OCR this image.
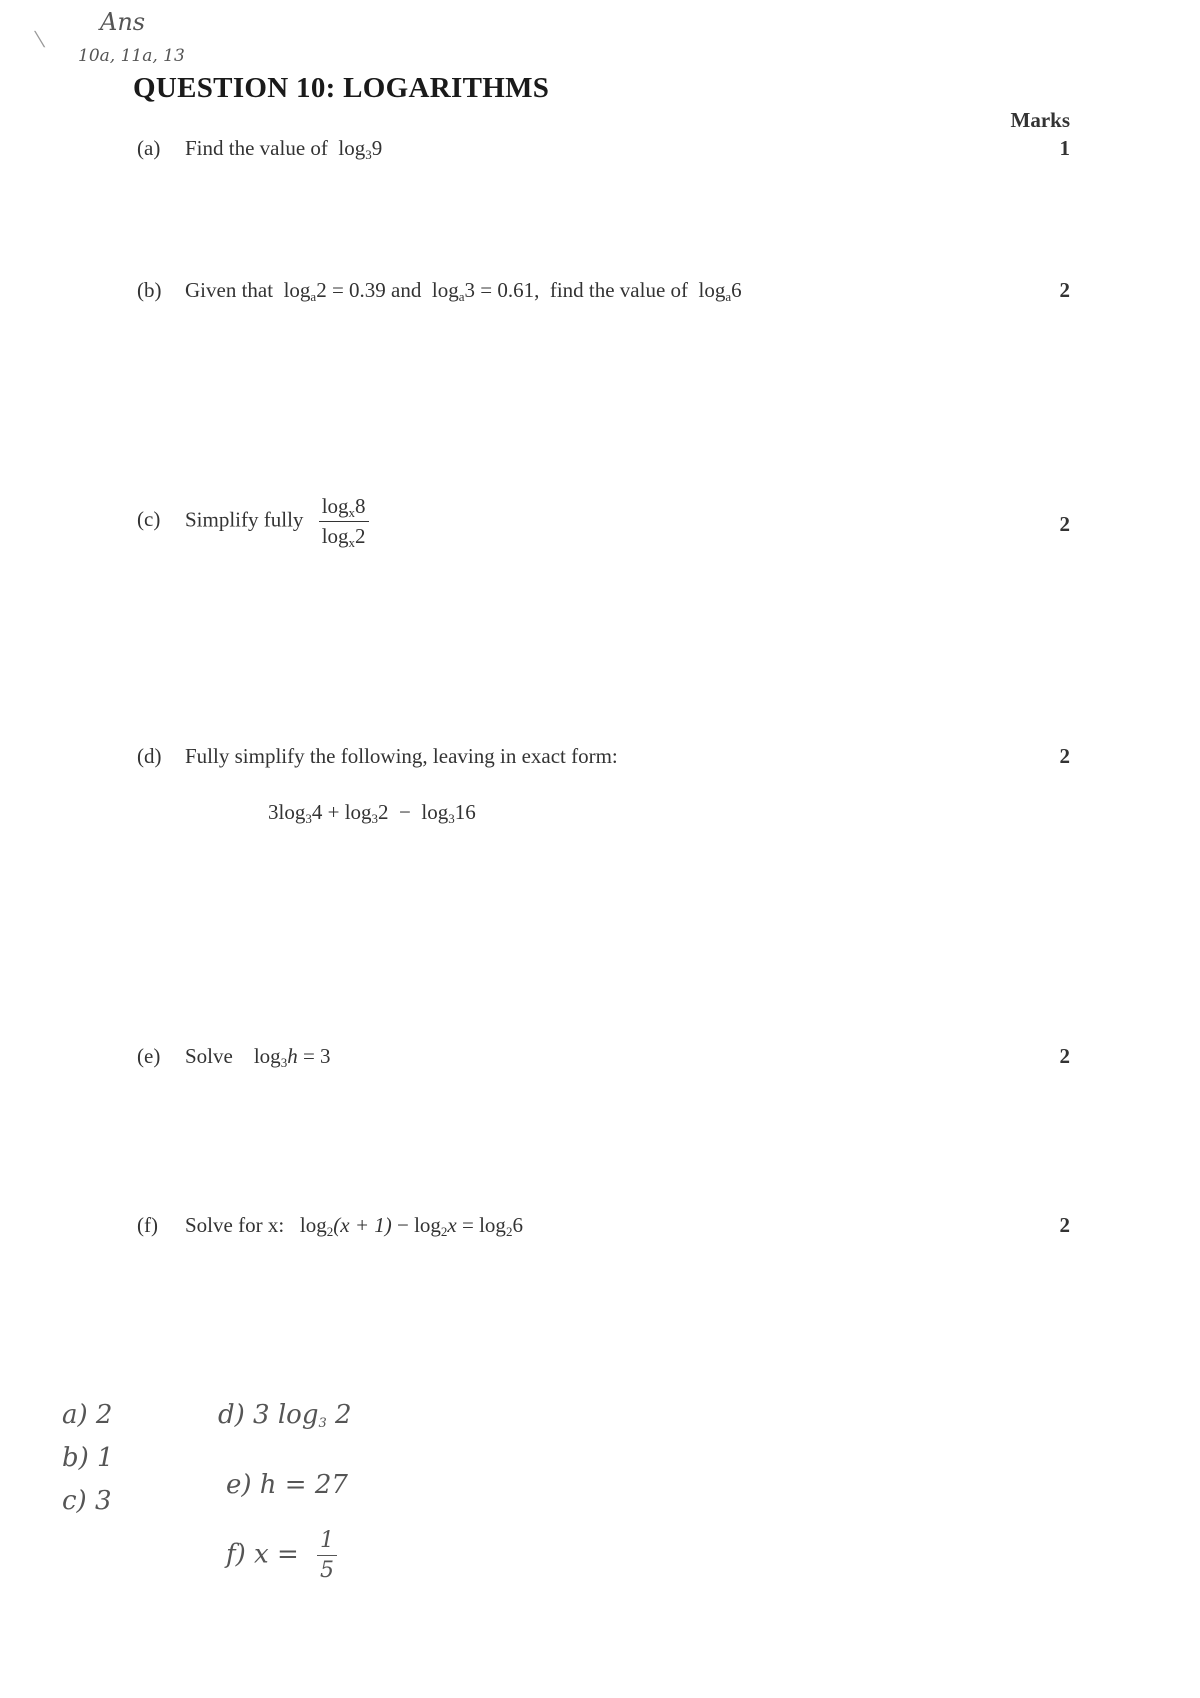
⟍
Ans
10a, 11a, 13
QUESTION 10: LOGARITHMS
Marks
(a) Find the value of $\log_39$	1
(b) Given that $\log_a2 = 0.39$ and $\log_a3 = 0.61$, find the value of $\log_a6$	2
(c) Simplify fully $\frac{\log_x8}{\log_x2}$	2
(d) Fully simplify the following, leaving in exact form:	2
$3\log_34 + \log_32 - \log_316$
(e) Solve $\log_3h = 3$	2
(f) Solve for x: $\log_2(x + 1) - \log_2x = \log_26$	2
a) 2
b) 1
c) 3
d) 3 $\log_3 2$
e) h = 27
f) $x = \frac{1}{5}$
